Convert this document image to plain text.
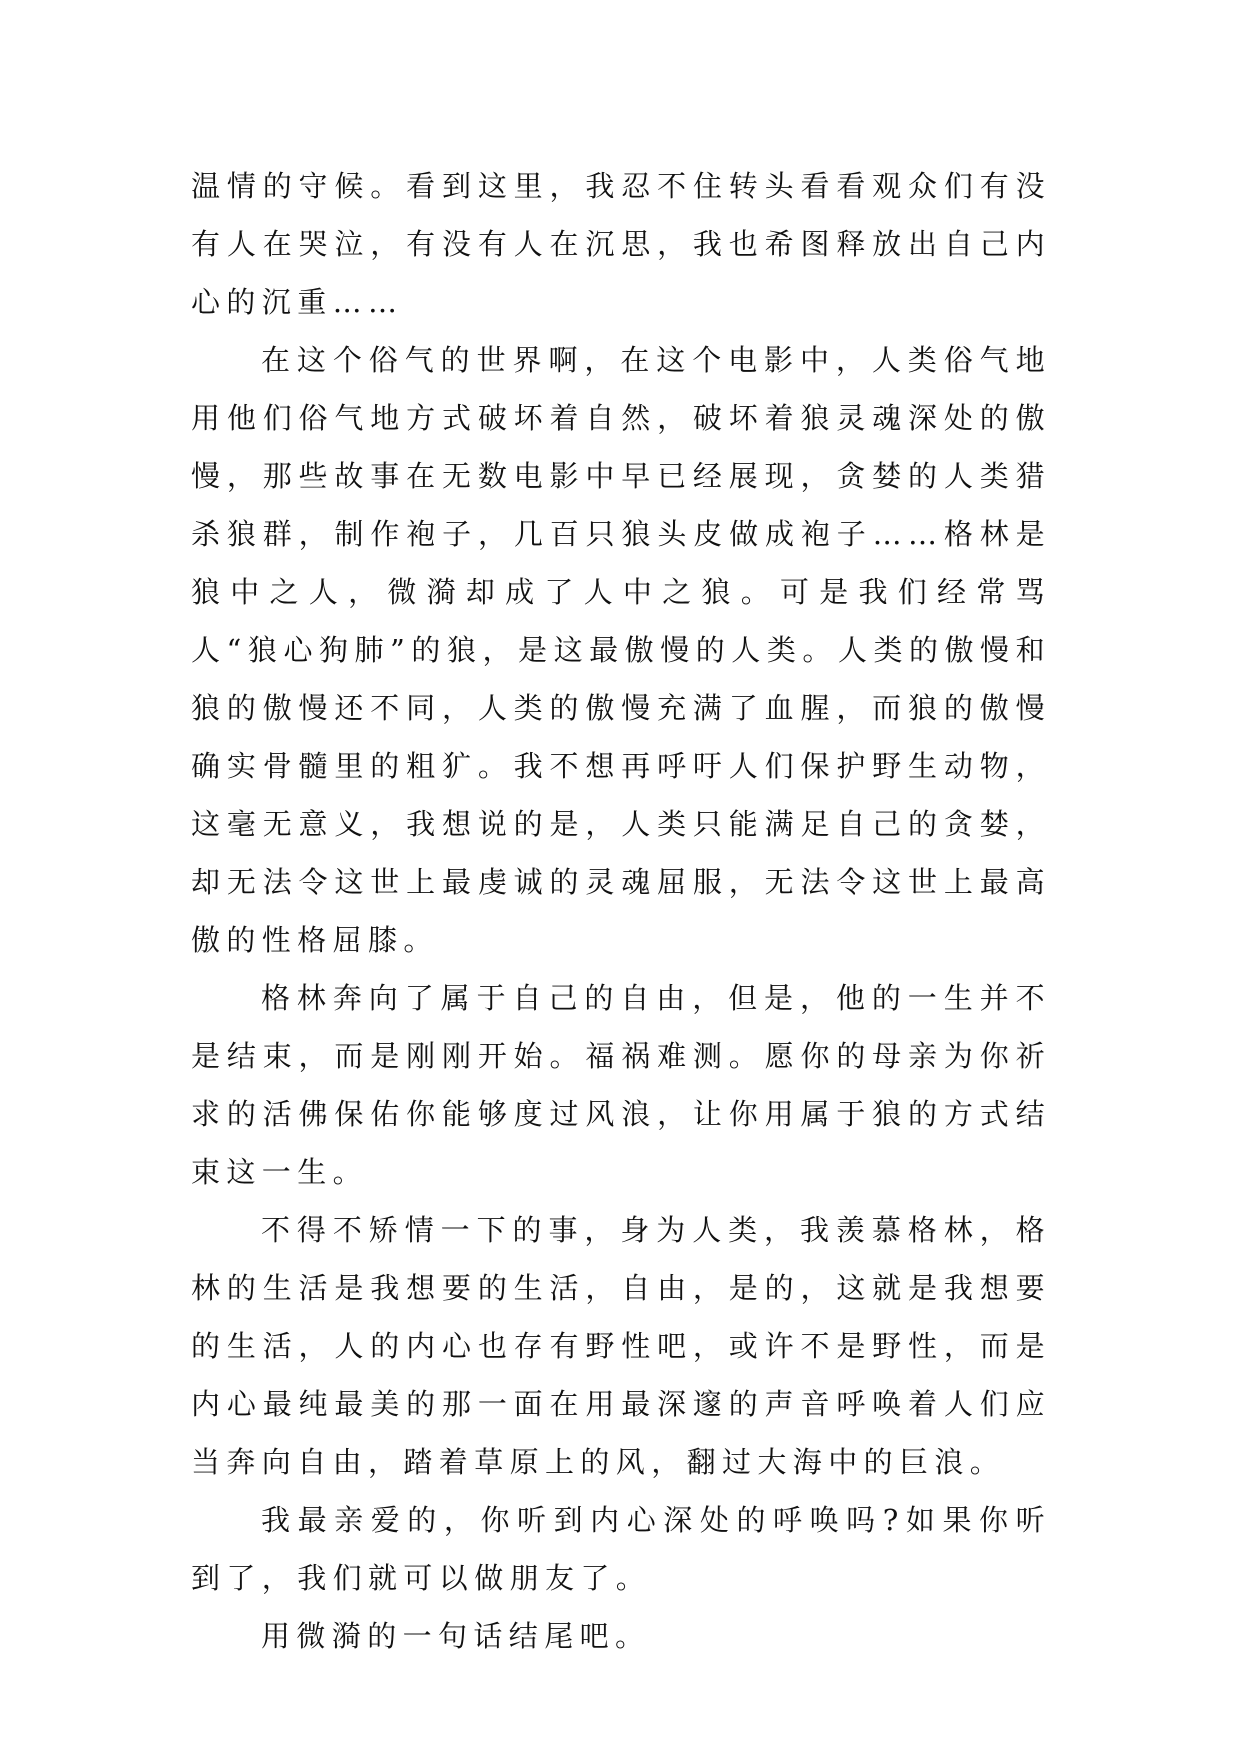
温情的守候。看到这里，我忍不住转头看看观众们有没有人在哭泣，有没有人在沉思，我也希图释放出自己内心的沉重……

在这个俗气的世界啊，在这个电影中，人类俗气地用他们俗气地方式破坏着自然，破坏着狼灵魂深处的傲慢，那些故事在无数电影中早已经展现，贪婪的人类猎杀狼群，制作袍子，几百只狼头皮做成袍子……格林是狼中之人，微漪却成了人中之狼。可是我们经常骂人“狼心狗肺”的狼，是这最傲慢的人类。人类的傲慢和狼的傲慢还不同，人类的傲慢充满了血腥，而狼的傲慢确实骨髓里的粗犷。我不想再呼吁人们保护野生动物，这毫无意义，我想说的是，人类只能满足自己的贪婪，却无法令这世上最虔诚的灵魂屈服，无法令这世上最高傲的性格屈膝。

格林奔向了属于自己的自由，但是，他的一生并不是结束，而是刚刚开始。福祸难测。愿你的母亲为你祈求的活佛保佑你能够度过风浪，让你用属于狼的方式结束这一生。

不得不矫情一下的事，身为人类，我羡慕格林，格林的生活是我想要的生活，自由，是的，这就是我想要的生活，人的内心也存有野性吧，或许不是野性，而是内心最纯最美的那一面在用最深邃的声音呼唤着人们应当奔向自由，踏着草原上的风，翻过大海中的巨浪。

我最亲爱的，你听到内心深处的呼唤吗?如果你听到了，我们就可以做朋友了。

用微漪的一句话结尾吧。
